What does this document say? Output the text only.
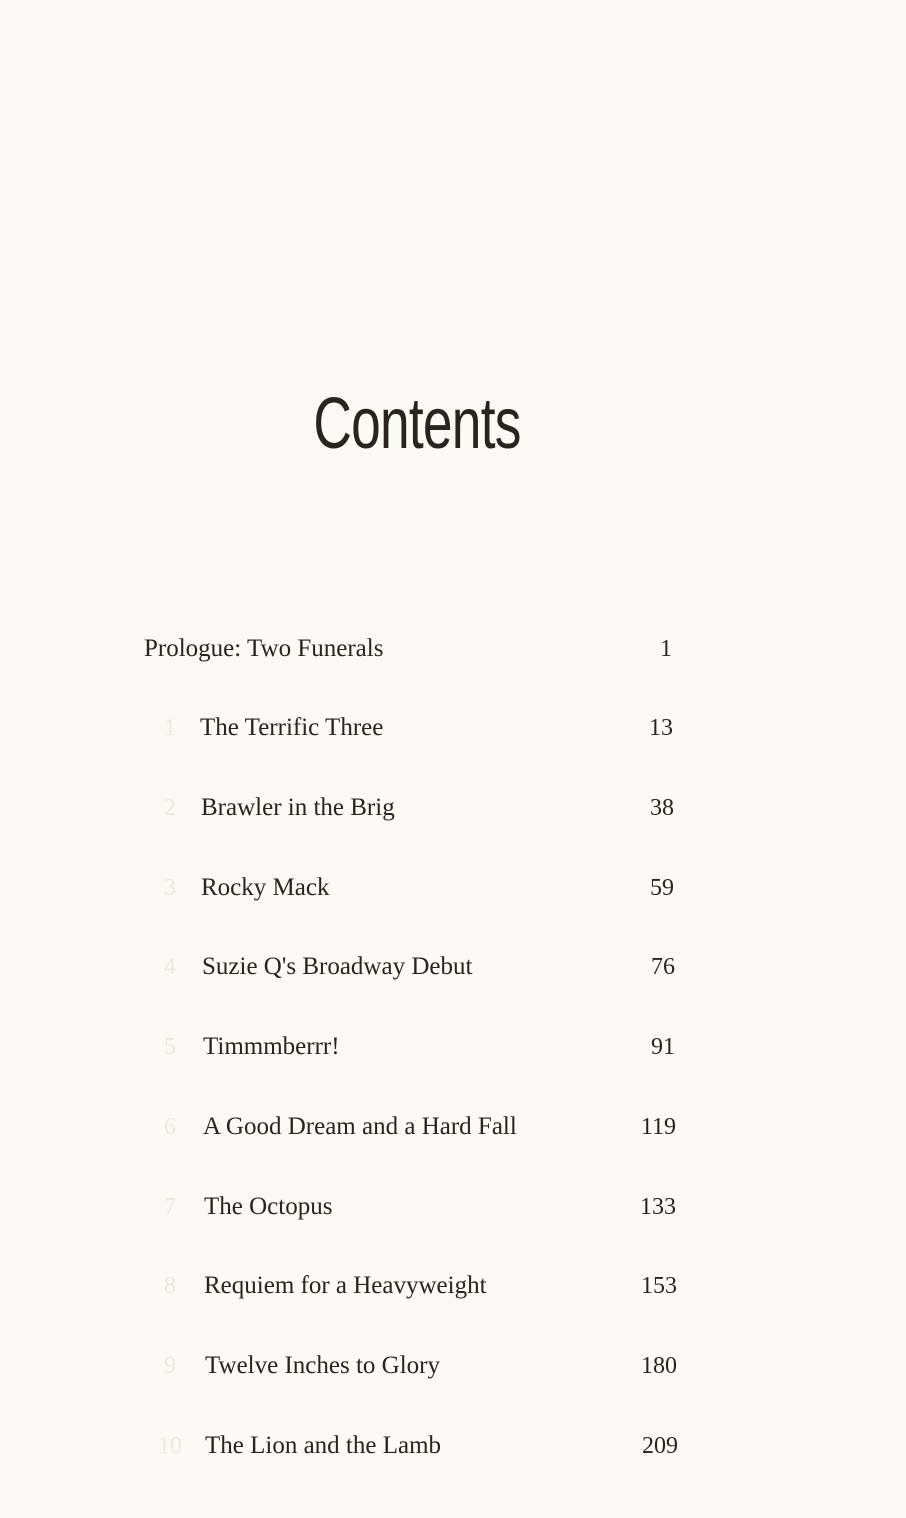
Contents
Prologue: Two Funerals	1
1 The Terrific Three	13
2	Brawler in the Brig	38
3	Rocky Mack	59
4	Suzie Q's Broadway Debut	76
5	Timmmberrr!	91
6	A Good Dream and a Hard Fall	119
7	The Octopus	133
8	Requiem for a Heavyweight	153
9	Twelve Inches to Glory	180
10 The Lion and the Lamb	209
